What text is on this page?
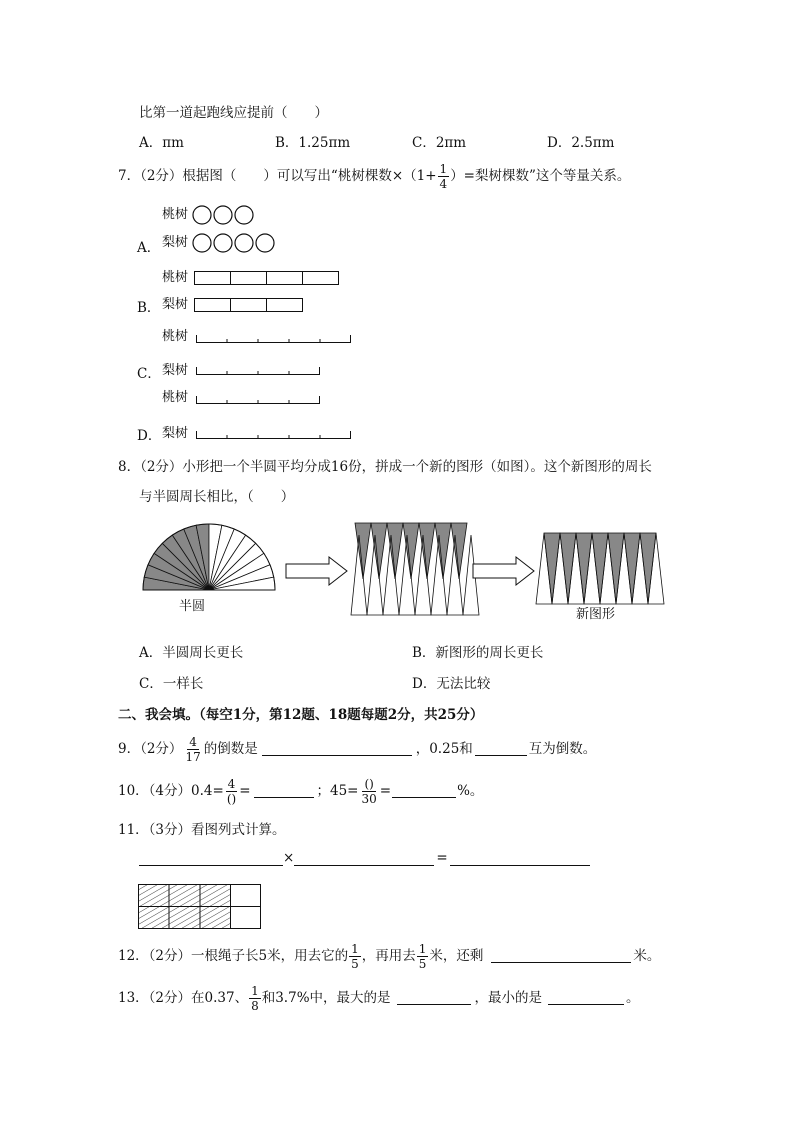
比第一道起跑线应提前（　　）
A．πm	B．1.25πm	C．2πm	D．2.5πm
7．（2分）根据图（　　）可以写出“桃树棵数$\times(1+ \frac{1}{4}$ ）=梨树棵数”这个等量关系。
桃树
A． 梨树
桃树
梨树
B．
桃树
C． 梨树
桃树
D． 梨树
8．（2分）小形把一个半圆平均分成16份，拼成一个新的图形（如图）。这个新图形的周长
与半圆周长相比，（　　）
半圆
新图形
A．半圆周长更长	B．新图形的周长更长
C．一样长	D．无法比较
二、我会填。（每空1分，第12题、18题每题2分，共25分）
9．（2分） $\frac{4}{17}$ 的倒数是	，0.25和	互为倒数。
10．（4分）$0.4= \frac{4}{()}$ =	；$45= \frac{()}{30}$ =	%。
11．（3分）看图列式计算。
×	=
12．（2分）一根绳子长5米，用去它的 $\frac{1}{5}$ ，再用去 $\frac{1}{5}$ 米，还剩	米。
13．（2分）在0.37、 $\frac{1}{8}$ 和3.7%中，最大的是	，最小的是	。
